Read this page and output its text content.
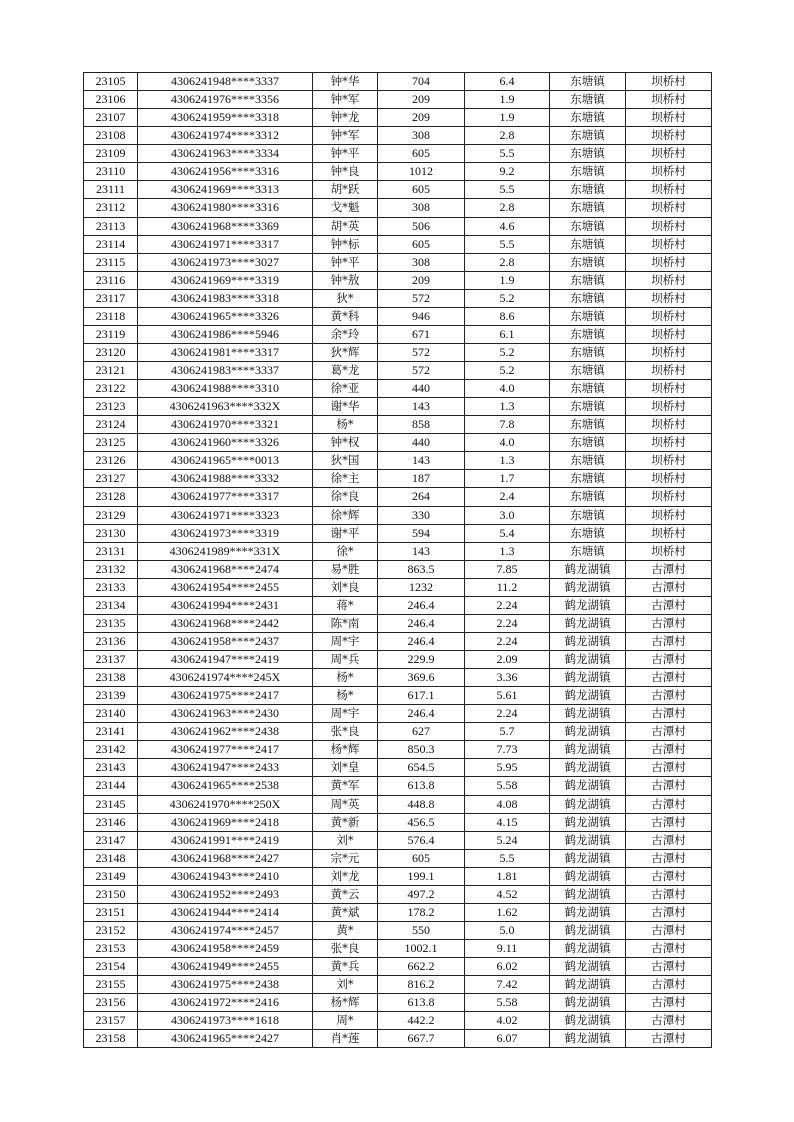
23105	4306241948****3337	钟*华	704	6.4	东塘镇	坝桥村
23106	4306241976****3356	钟*军	209	1.9	东塘镇	坝桥村
23107	4306241959****3318	钟*龙	209	1.9	东塘镇	坝桥村
23108	4306241974****3312	钟*军	308	2.8	东塘镇	坝桥村
23109	4306241963****3334	钟*平	605	5.5	东塘镇	坝桥村
23110	4306241956****3316	钟*良	1012	9.2	东塘镇	坝桥村
23111	4306241969****3313	胡*跃	605	5.5	东塘镇	坝桥村
23112	4306241980****3316	戈*魁	308	2.8	东塘镇	坝桥村
23113	4306241968****3369	胡*英	506	4.6	东塘镇	坝桥村
23114	4306241971****3317	钟*标	605	5.5	东塘镇	坝桥村
23115	4306241973****3027	钟*平	308	2.8	东塘镇	坝桥村
23116	4306241969****3319	钟*敖	209	1.9	东塘镇	坝桥村
23117	4306241983****3318	狄*	572	5.2	东塘镇	坝桥村
23118	4306241965****3326	黄*科	946	8.6	东塘镇	坝桥村
23119	4306241986****5946	余*玲	671	6.1	东塘镇	坝桥村
23120	4306241981****3317	狄*辉	572	5.2	东塘镇	坝桥村
23121	4306241983****3337	葛*龙	572	5.2	东塘镇	坝桥村
23122	4306241988****3310	徐*亚	440	4.0	东塘镇	坝桥村
23123	4306241963****332X	谢*华	143	1.3	东塘镇	坝桥村
23124	4306241970****3321	杨*	858	7.8	东塘镇	坝桥村
23125	4306241960****3326	钟*权	440	4.0	东塘镇	坝桥村
23126	4306241965****0013	狄*国	143	1.3	东塘镇	坝桥村
23127	4306241988****3332	徐*主	187	1.7	东塘镇	坝桥村
23128	4306241977****3317	徐*良	264	2.4	东塘镇	坝桥村
23129	4306241971****3323	徐*辉	330	3.0	东塘镇	坝桥村
23130	4306241973****3319	谢*平	594	5.4	东塘镇	坝桥村
23131	4306241989****331X	徐*	143	1.3	东塘镇	坝桥村
23132	4306241968****2474	易*胜	863.5	7.85	鹤龙湖镇	古潭村
23133	4306241954****2455	刘*良	1232	11.2	鹤龙湖镇	古潭村
23134	4306241994****2431	蒋*	246.4	2.24	鹤龙湖镇	古潭村
23135	4306241968****2442	陈*南	246.4	2.24	鹤龙湖镇	古潭村
23136	4306241958****2437	周*宇	246.4	2.24	鹤龙湖镇	古潭村
23137	4306241947****2419	周*兵	229.9	2.09	鹤龙湖镇	古潭村
23138	4306241974****245X	杨*	369.6	3.36	鹤龙湖镇	古潭村
23139	4306241975****2417	杨*	617.1	5.61	鹤龙湖镇	古潭村
23140	4306241963****2430	周*宇	246.4	2.24	鹤龙湖镇	古潭村
23141	4306241962****2438	张*良	627	5.7	鹤龙湖镇	古潭村
23142	4306241977****2417	杨*辉	850.3	7.73	鹤龙湖镇	古潭村
23143	4306241947****2433	刘*皇	654.5	5.95	鹤龙湖镇	古潭村
23144	4306241965****2538	黄*军	613.8	5.58	鹤龙湖镇	古潭村
23145	4306241970****250X	周*英	448.8	4.08	鹤龙湖镇	古潭村
23146	4306241969****2418	黄*新	456.5	4.15	鹤龙湖镇	古潭村
23147	4306241991****2419	刘*	576.4	5.24	鹤龙湖镇	古潭村
23148	4306241968****2427	宗*元	605	5.5	鹤龙湖镇	古潭村
23149	4306241943****2410	刘*龙	199.1	1.81	鹤龙湖镇	古潭村
23150	4306241952****2493	黄*云	497.2	4.52	鹤龙湖镇	古潭村
23151	4306241944****2414	黄*斌	178.2	1.62	鹤龙湖镇	古潭村
23152	4306241974****2457	黄*	550	5.0	鹤龙湖镇	古潭村
23153	4306241958****2459	张*良	1002.1	9.11	鹤龙湖镇	古潭村
23154	4306241949****2455	黄*兵	662.2	6.02	鹤龙湖镇	古潭村
23155	4306241975****2438	刘*	816.2	7.42	鹤龙湖镇	古潭村
23156	4306241972****2416	杨*辉	613.8	5.58	鹤龙湖镇	古潭村
23157	4306241973****1618	周*	442.2	4.02	鹤龙湖镇	古潭村
23158	4306241965****2427	肖*莲	667.7	6.07	鹤龙湖镇	古潭村
